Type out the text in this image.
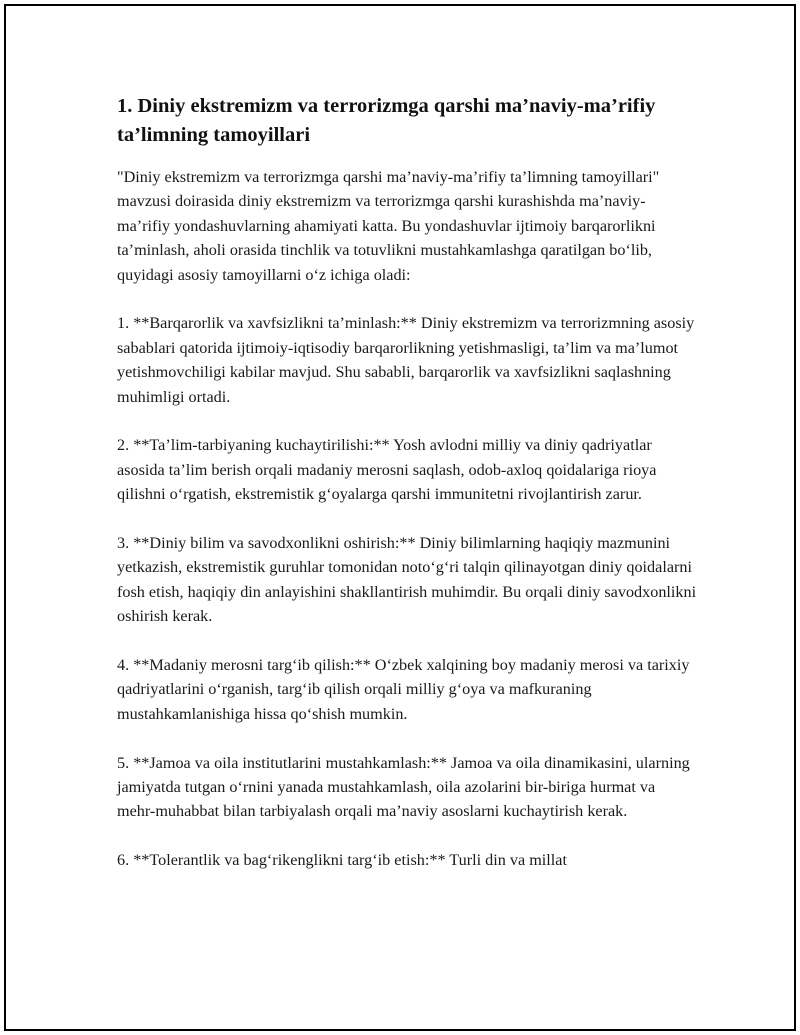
1. Diniy ekstremizm va terrorizmga qarshi ma’naviy-ma’rifiy ta’limning tamoyillari

"Diniy ekstremizm va terrorizmga qarshi ma’naviy-ma’rifiy ta’limning tamoyillari" mavzusi doirasida diniy ekstremizm va terrorizmga qarshi kurashishda ma’naviy-ma’rifiy yondashuvlarning ahamiyati katta. Bu yondashuvlar ijtimoiy barqarorlikni ta’minlash, aholi orasida tinchlik va totuvlikni mustahkamlashga qaratilgan bo‘lib, quyidagi asosiy tamoyillarni o‘z ichiga oladi:

1. **Barqarorlik va xavfsizlikni ta’minlash:** Diniy ekstremizm va terrorizmning asosiy sabablari qatorida ijtimoiy-iqtisodiy barqarorlikning yetishmasligi, ta’lim va ma’lumot yetishmovchiligi kabilar mavjud. Shu sababli, barqarorlik va xavfsizlikni saqlashning muhimligi ortadi.

2. **Ta’lim-tarbiyaning kuchaytirilishi:** Yosh avlodni milliy va diniy qadriyatlar asosida ta’lim berish orqali madaniy merosni saqlash, odob-axloq qoidalariga rioya qilishni o‘rgatish, ekstremistik g‘oyalarga qarshi immunitetni rivojlantirish zarur.

3. **Diniy bilim va savodxonlikni oshirish:** Diniy bilimlarning haqiqiy mazmunini yetkazish, ekstremistik guruhlar tomonidan noto‘g‘ri talqin qilinayotgan diniy qoidalarni fosh etish, haqiqiy din anlayishini shakllantirish muhimdir. Bu orqali diniy savodxonlikni oshirish kerak.

4. **Madaniy merosni targ‘ib qilish:** O‘zbek xalqining boy madaniy merosi va tarixiy qadriyatlarini o‘rganish, targ‘ib qilish orqali milliy g‘oya va mafkuraning mustahkamlanishiga hissa qo‘shish mumkin.

5. **Jamoa va oila institutlarini mustahkamlash:** Jamoa va oila dinamikasini, ularning jamiyatda tutgan o‘rnini yanada mustahkamlash, oila azolarini bir-biriga hurmat va mehr-muhabbat bilan tarbiyalash orqali ma’naviy asoslarni kuchaytirish kerak.

6. **Tolerantlik va bag‘rikenglikni targ‘ib etish:** Turli din va millat
